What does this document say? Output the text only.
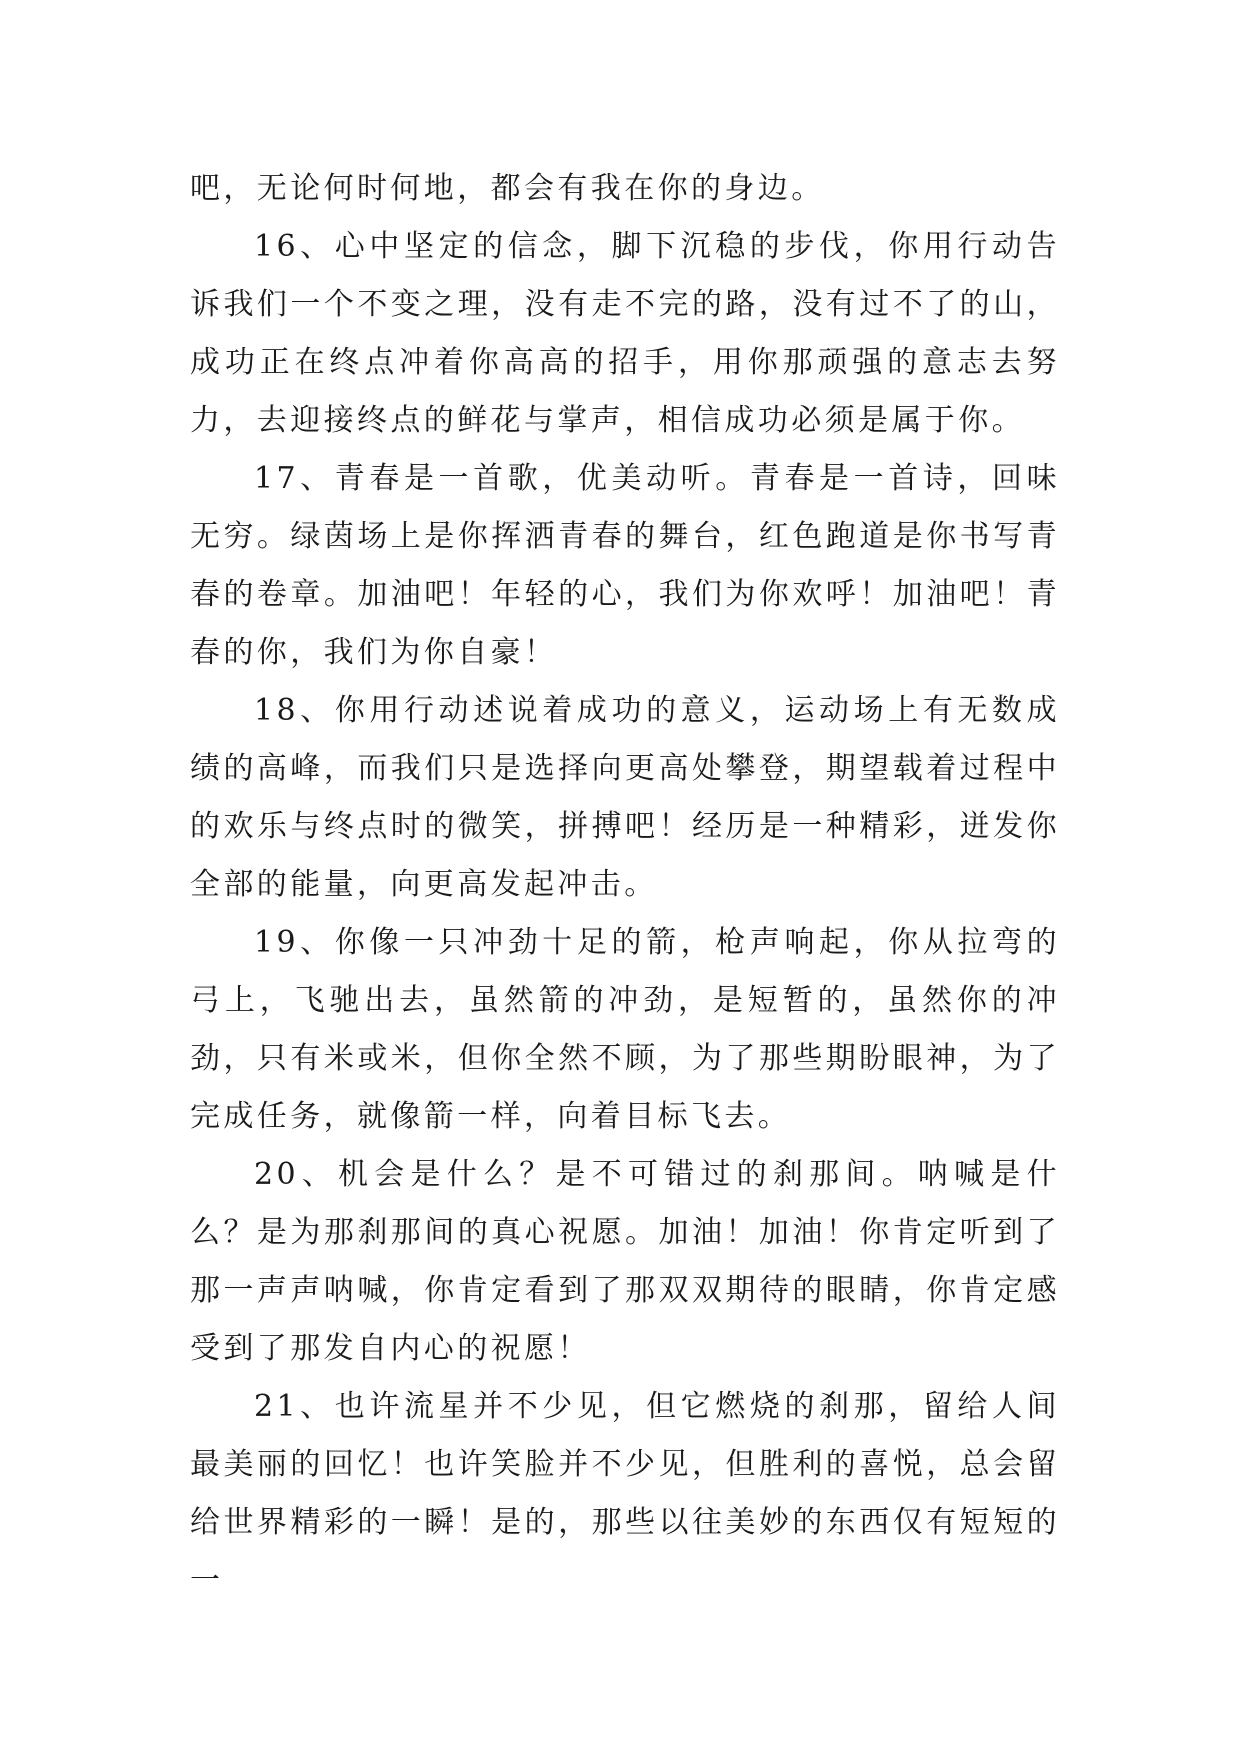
吧，无论何时何地，都会有我在你的身边。

16、心中坚定的信念，脚下沉稳的步伐，你用行动告诉我们一个不变之理，没有走不完的路，没有过不了的山，成功正在终点冲着你高高的招手，用你那顽强的意志去努力，去迎接终点的鲜花与掌声，相信成功必须是属于你。

17、青春是一首歌，优美动听。青春是一首诗，回味无穷。绿茵场上是你挥洒青春的舞台，红色跑道是你书写青春的卷章。加油吧！年轻的心，我们为你欢呼！加油吧！青春的你，我们为你自豪！

18、你用行动述说着成功的意义，运动场上有无数成绩的高峰，而我们只是选择向更高处攀登，期望载着过程中的欢乐与终点时的微笑，拼搏吧！经历是一种精彩，迸发你全部的能量，向更高发起冲击。

19、你像一只冲劲十足的箭，枪声响起，你从拉弯的弓上，飞驰出去，虽然箭的冲劲，是短暂的，虽然你的冲劲，只有米或米，但你全然不顾，为了那些期盼眼神，为了完成任务，就像箭一样，向着目标飞去。

20、机会是什么？是不可错过的刹那间。呐喊是什么？是为那刹那间的真心祝愿。加油！加油！你肯定听到了那一声声呐喊，你肯定看到了那双双期待的眼睛，你肯定感受到了那发自内心的祝愿！

21、也许流星并不少见，但它燃烧的刹那，留给人间最美丽的回忆！也许笑脸并不少见，但胜利的喜悦，总会留给世界精彩的一瞬！是的，那些以往美妙的东西仅有短短的一
